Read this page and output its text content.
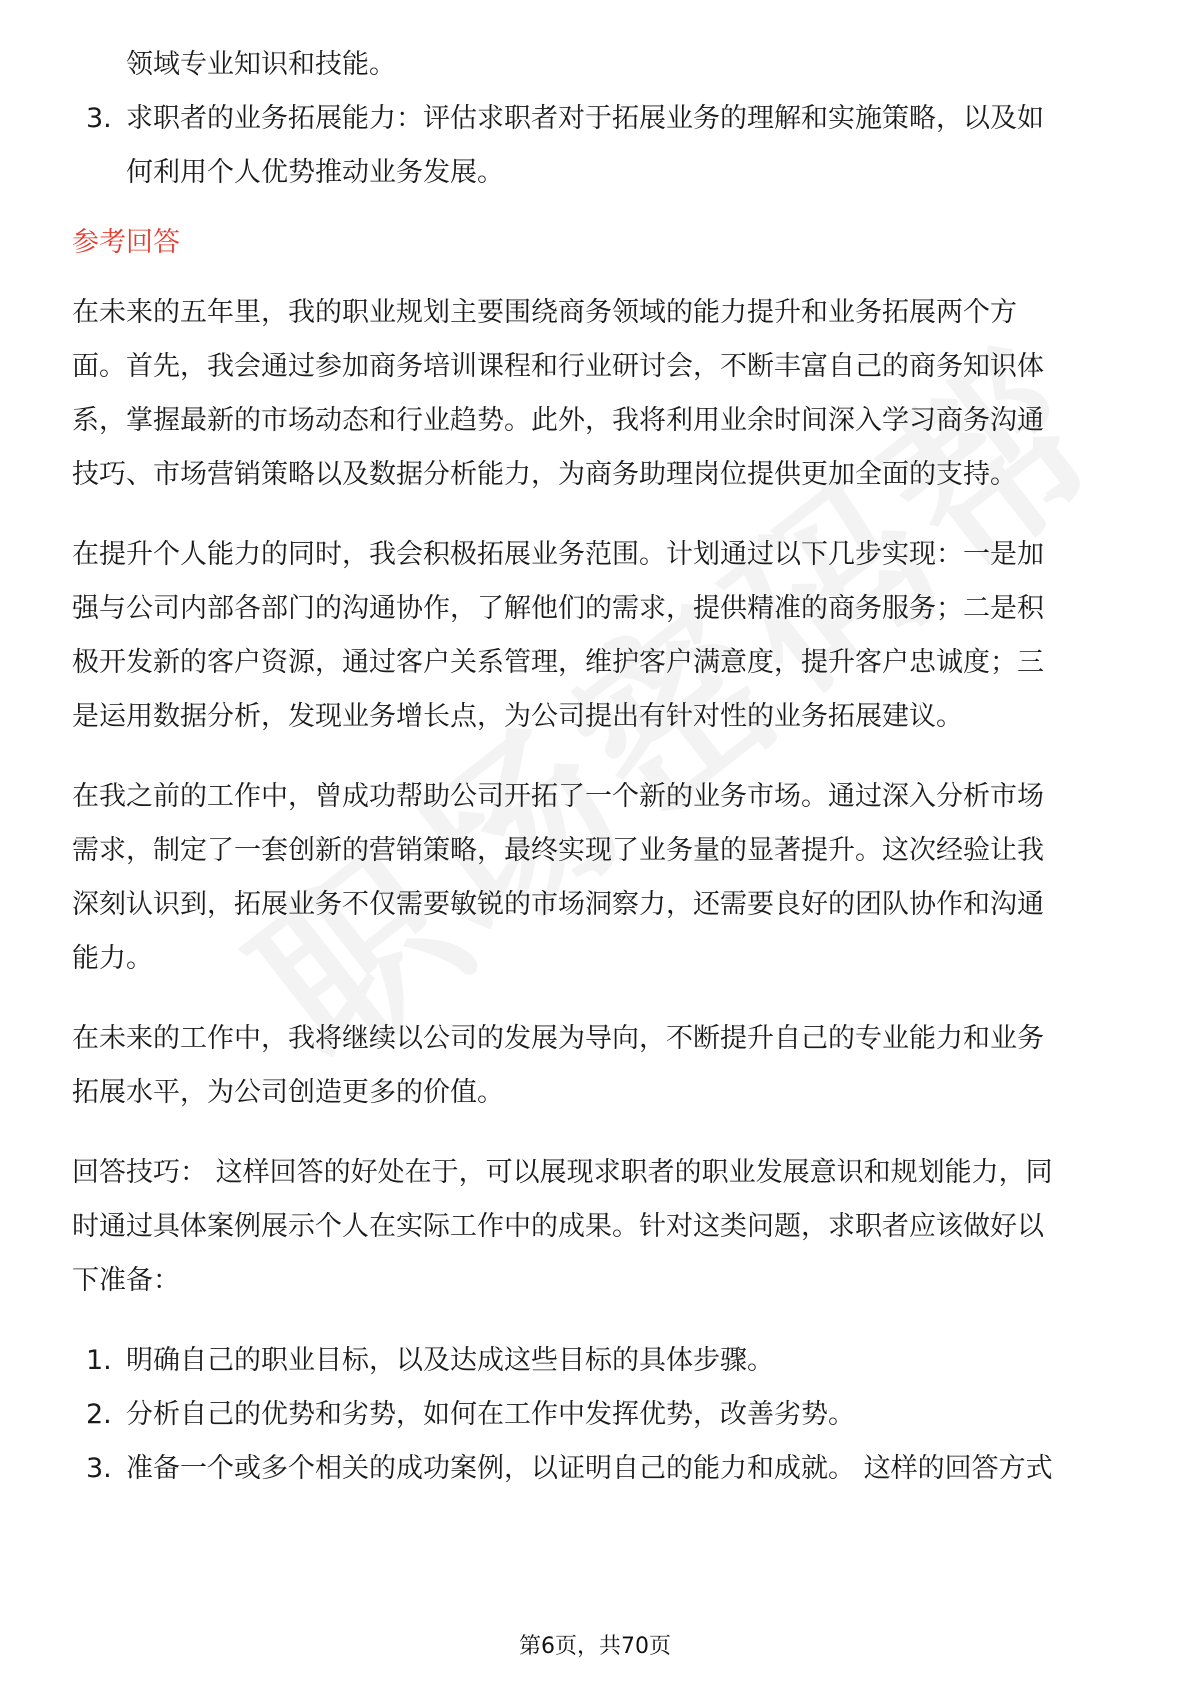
领域专业知识和技能。
3. 求职者的业务拓展能力：评估求职者对于拓展业务的理解和实施策略，以及如
何利用个人优势推动业务发展。
参考回答
在未来的五年里，我的职业规划主要围绕商务领域的能力提升和业务拓展两个方
面。首先，我会通过参加商务培训课程和行业研讨会，不断丰富自己的商务知识体
系，掌握最新的市场动态和行业趋势。此外，我将利用业余时间深入学习商务沟通
技巧、市场营销策略以及数据分析能力，为商务助理岗位提供更加全面的支持。
在提升个人能力的同时，我会积极拓展业务范围。计划通过以下几步实现：一是加
强与公司内部各部门的沟通协作，了解他们的需求，提供精准的商务服务；二是积
极开发新的客户资源，通过客户关系管理，维护客户满意度，提升客户忠诚度；三
是运用数据分析，发现业务增长点，为公司提出有针对性的业务拓展建议。
在我之前的工作中，曾成功帮助公司开拓了一个新的业务市场。通过深入分析市场
需求，制定了一套创新的营销策略，最终实现了业务量的显著提升。这次经验让我
深刻认识到，拓展业务不仅需要敏锐的市场洞察力，还需要良好的团队协作和沟通
能力。
在未来的工作中，我将继续以公司的发展为导向，不断提升自己的专业能力和业务
拓展水平，为公司创造更多的价值。
回答技巧： 这样回答的好处在于，可以展现求职者的职业发展意识和规划能力，同
时通过具体案例展示个人在实际工作中的成果。针对这类问题，求职者应该做好以
下准备：
1. 明确自己的职业目标，以及达成这些目标的具体步骤。
2. 分析自己的优势和劣势，如何在工作中发挥优势，改善劣势。
3. 准备一个或多个相关的成功案例，以证明自己的能力和成就。 这样的回答方式
第6页，共70页
